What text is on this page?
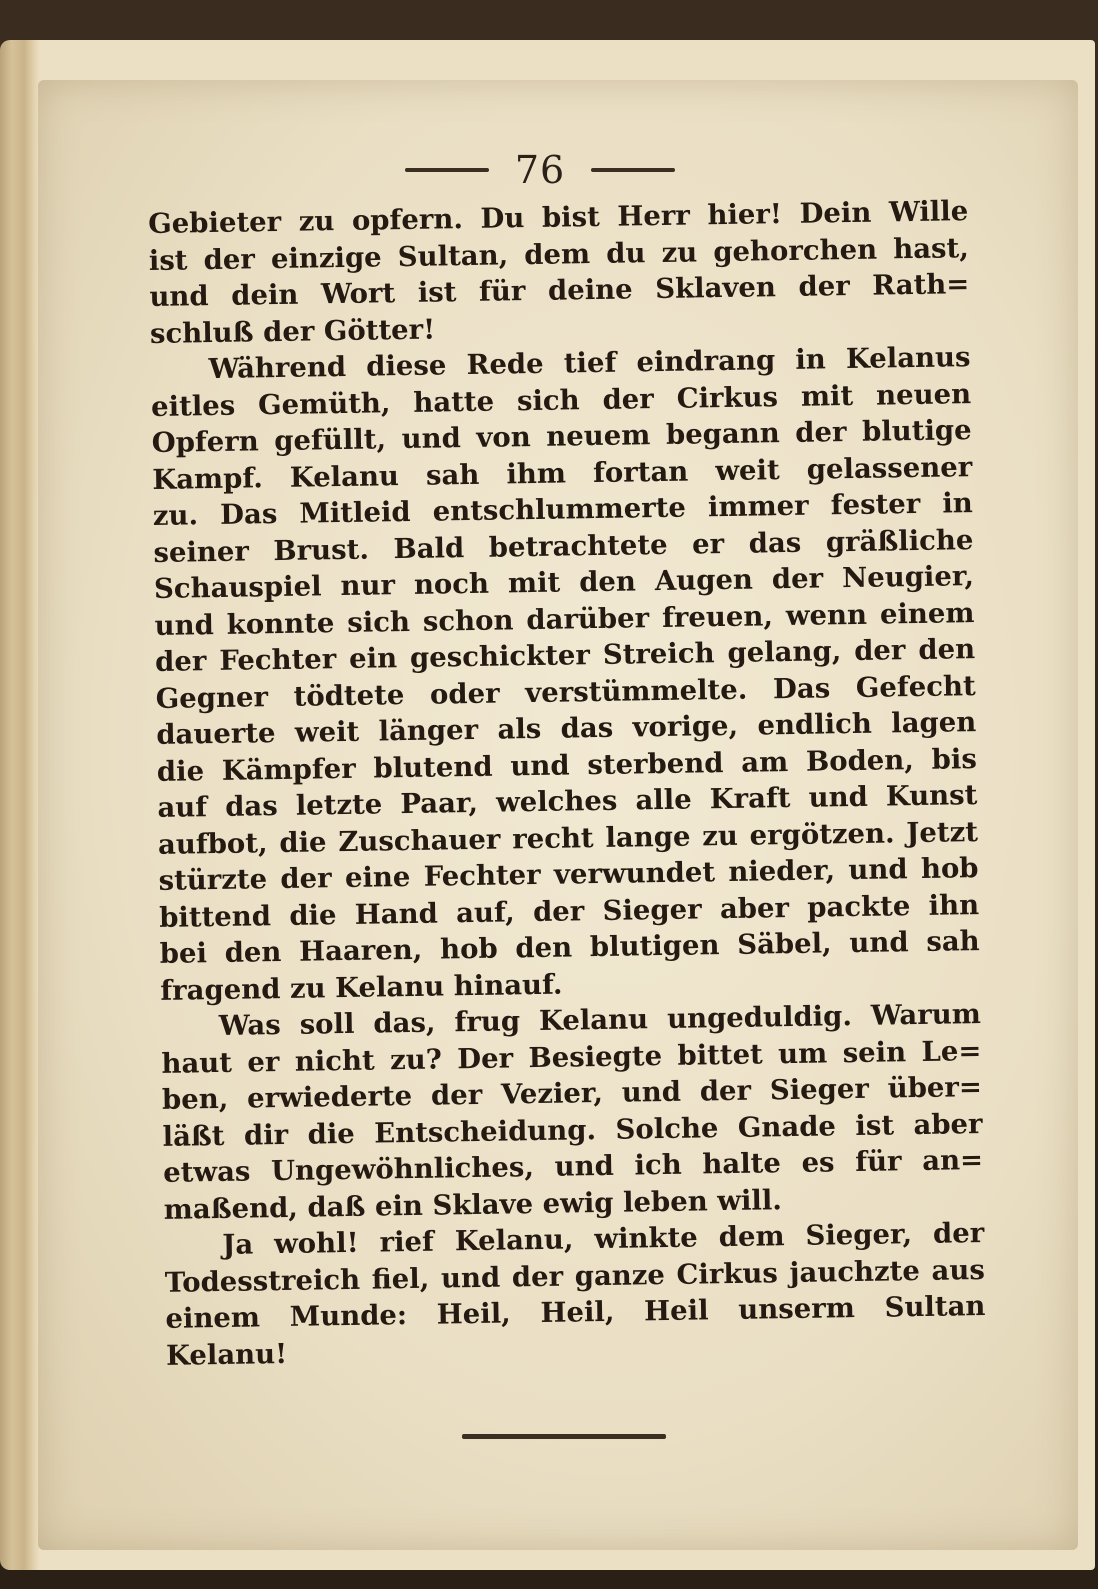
76
Gebieter zu opfern. Du bist Herr hier! Dein Wille
ist der einzige Sultan, dem du zu gehorchen hast,
und dein Wort ist für deine Sklaven der Rath=
schluß der Götter!
Während diese Rede tief eindrang in Kelanus
eitles Gemüth, hatte sich der Cirkus mit neuen
Opfern gefüllt, und von neuem begann der blutige
Kampf. Kelanu sah ihm fortan weit gelassener
zu. Das Mitleid entschlummerte immer fester in
seiner Brust. Bald betrachtete er das gräßliche
Schauspiel nur noch mit den Augen der Neugier,
und konnte sich schon darüber freuen, wenn einem
der Fechter ein geschickter Streich gelang, der den
Gegner tödtete oder verstümmelte. Das Gefecht
dauerte weit länger als das vorige, endlich lagen
die Kämpfer blutend und sterbend am Boden, bis
auf das letzte Paar, welches alle Kraft und Kunst
aufbot, die Zuschauer recht lange zu ergötzen. Jetzt
stürzte der eine Fechter verwundet nieder, und hob
bittend die Hand auf, der Sieger aber packte ihn
bei den Haaren, hob den blutigen Säbel, und sah
fragend zu Kelanu hinauf.
Was soll das, frug Kelanu ungeduldig. Warum
haut er nicht zu? Der Besiegte bittet um sein Le=
ben, erwiederte der Vezier, und der Sieger über=
läßt dir die Entscheidung. Solche Gnade ist aber
etwas Ungewöhnliches, und ich halte es für an=
maßend, daß ein Sklave ewig leben will.
Ja wohl! rief Kelanu, winkte dem Sieger, der
Todesstreich fiel, und der ganze Cirkus jauchzte aus
einem Munde: Heil, Heil, Heil unserm Sultan
Kelanu!
